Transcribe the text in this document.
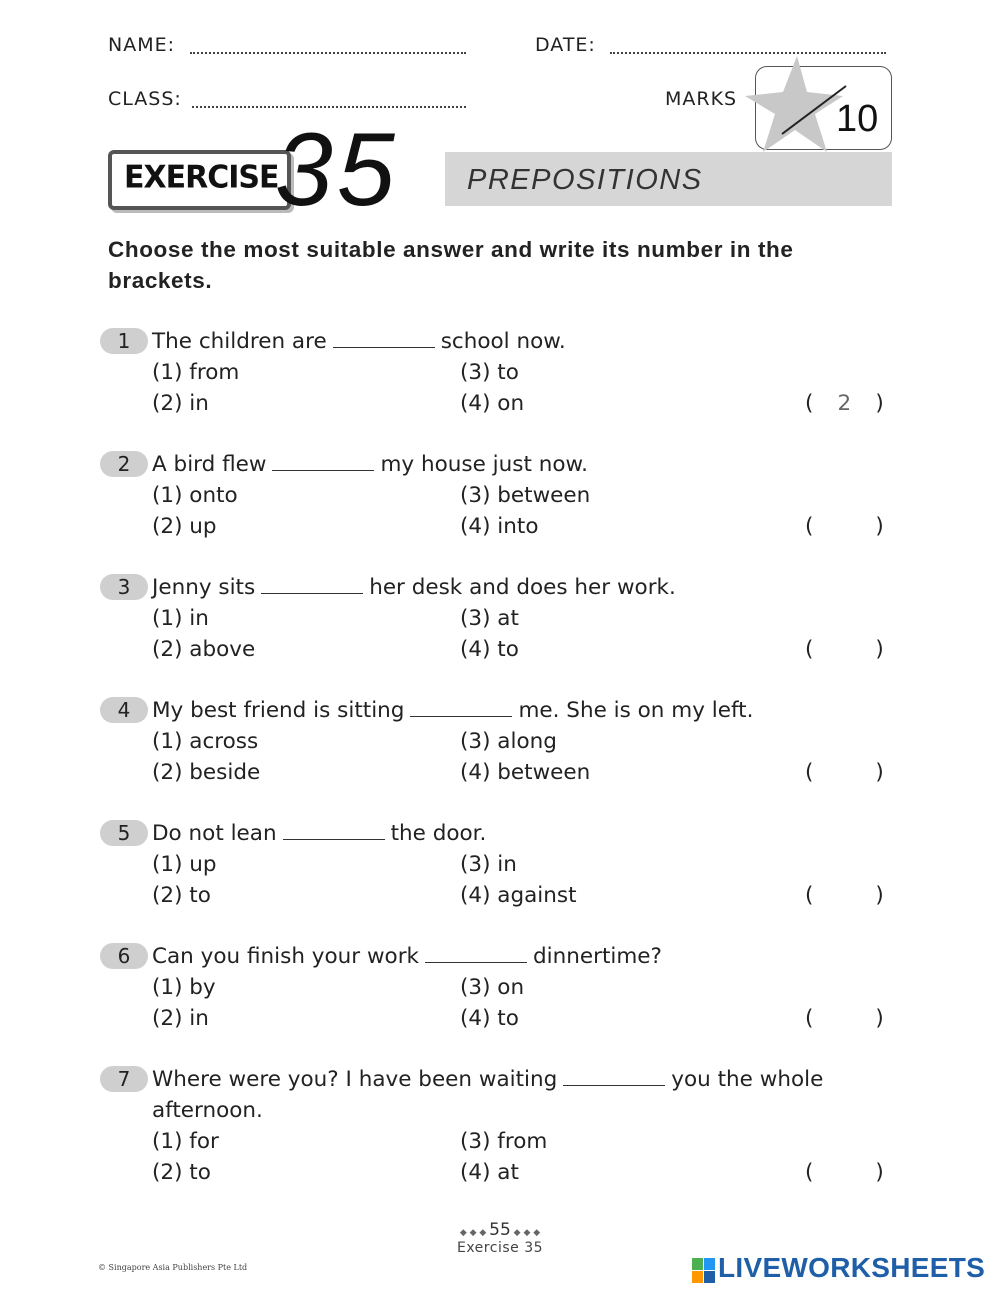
NAME:	DATE:
CLASS:	MARKS	10
EXERCISE
35 PREPOSITIONS
Choose the most suitable answer and write its number in the brackets.
1	The children are	school now.
(1) from	(3) to
(2) in	(4) on	( 2 )
2	A bird flew	my house just now.
(1) onto	(3) between
(2) up	(4) into	(	)
3	Jenny sits	her desk and does her work.
(1) in	(3) at
(2) above	(4) to	(	)
4	My best friend is sitting	me. She is on my left.
(1) across	(3) along
(2) beside	(4) between	(	)
5	Do not lean	the door.
(1) up	(3) in
(2) to	(4) against	(	)
6	Can you finish your work	dinnertime?
(1) by	(3) on
(2) in	(4) to	(	)
7	Where were you? I have been waiting	you the whole
afternoon.
(1) for	(3) from
(2) to	(4) at	(	)
◆ ◆ ◆ 55 ◆ ◆ ◆
Exercise 35
© Singapore Asia Publishers Pte Ltd	LIVEWORKSHEETS
